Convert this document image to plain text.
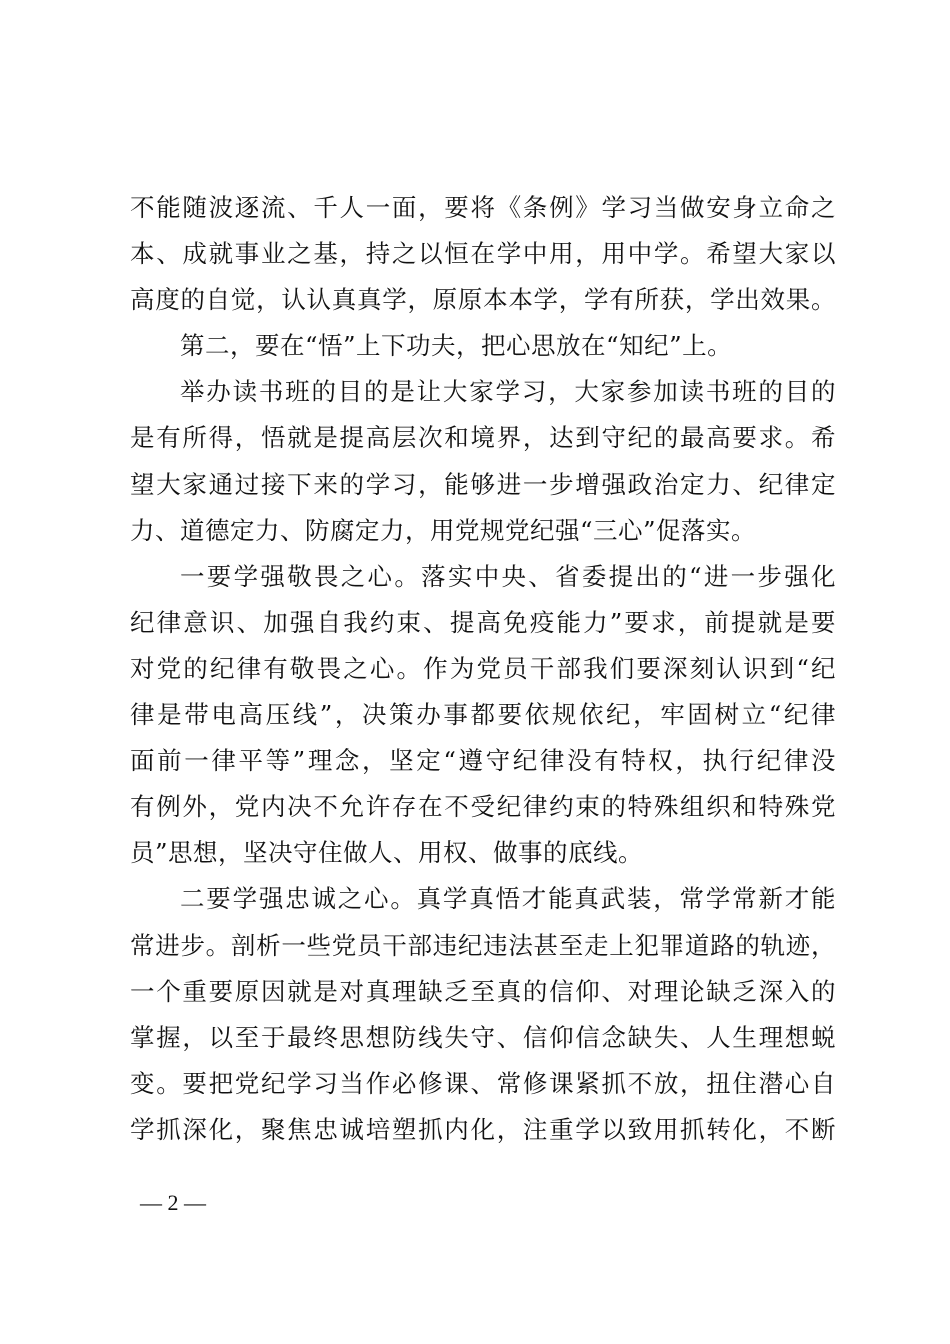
不能随波逐流、千人一面，要将《条例》学习当做安身立命之
本、成就事业之基，持之以恒在学中用，用中学。希望大家以
高度的自觉，认认真真学，原原本本学，学有所获，学出效果。
第二，要在“悟”上下功夫，把心思放在“知纪”上。
举办读书班的目的是让大家学习，大家参加读书班的目的
是有所得，悟就是提高层次和境界，达到守纪的最高要求。希
望大家通过接下来的学习，能够进一步增强政治定力、纪律定
力、道德定力、防腐定力，用党规党纪强“三心”促落实。
一要学强敬畏之心。落实中央、省委提出的“进一步强化
纪律意识、加强自我约束、提高免疫能力”要求，前提就是要
对党的纪律有敬畏之心。作为党员干部我们要深刻认识到“纪
律是带电高压线”，决策办事都要依规依纪，牢固树立“纪律
面前一律平等”理念，坚定“遵守纪律没有特权，执行纪律没
有例外，党内决不允许存在不受纪律约束的特殊组织和特殊党
员”思想，坚决守住做人、用权、做事的底线。
二要学强忠诚之心。真学真悟才能真武装，常学常新才能
常进步。剖析一些党员干部违纪违法甚至走上犯罪道路的轨迹，
一个重要原因就是对真理缺乏至真的信仰、对理论缺乏深入的
掌握，以至于最终思想防线失守、信仰信念缺失、人生理想蜕
变。要把党纪学习当作必修课、常修课紧抓不放，扭住潜心自
学抓深化，聚焦忠诚培塑抓内化，注重学以致用抓转化，不断
— 2 —
